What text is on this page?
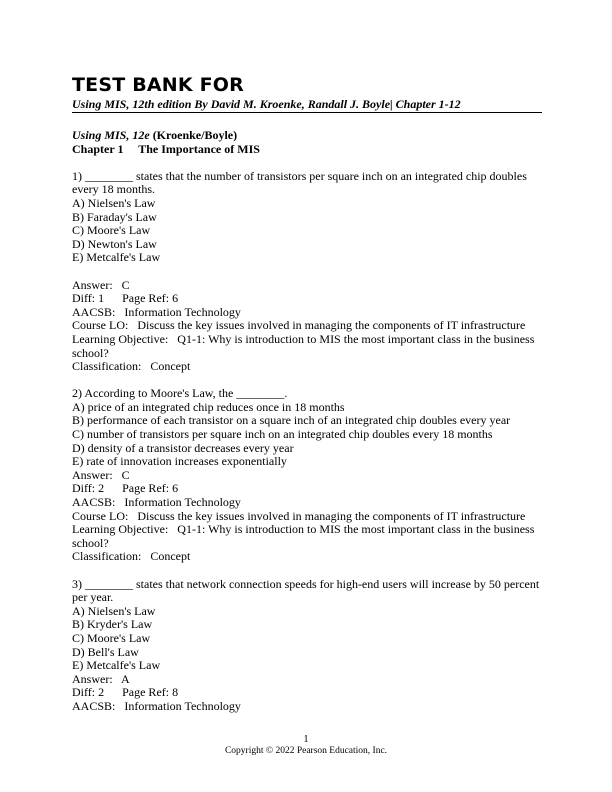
TEST BANK FOR
Using MIS, 12th edition By David M. Kroenke, Randall J. Boyle| Chapter 1-12
Using MIS, 12e (Kroenke/Boyle)
Chapter 1 The Importance of MIS
1) ________ states that the number of transistors per square inch on an integrated chip doubles
every 18 months.
A) Nielsen's Law
B) Faraday's Law
C) Moore's Law
D) Newton's Law
E) Metcalfe's Law
Answer:   C
Diff: 1      Page Ref: 6
AACSB:   Information Technology
Course LO:   Discuss the key issues involved in managing the components of IT infrastructure
Learning Objective:   Q1-1: Why is introduction to MIS the most important class in the business
school?
Classification:   Concept
2) According to Moore's Law, the ________.
A) price of an integrated chip reduces once in 18 months
B) performance of each transistor on a square inch of an integrated chip doubles every year
C) number of transistors per square inch on an integrated chip doubles every 18 months
D) density of a transistor decreases every year
E) rate of innovation increases exponentially
Answer:   C
Diff: 2      Page Ref: 6
AACSB:   Information Technology
Course LO:   Discuss the key issues involved in managing the components of IT infrastructure
Learning Objective:   Q1-1: Why is introduction to MIS the most important class in the business
school?
Classification:   Concept
3) ________ states that network connection speeds for high-end users will increase by 50 percent
per year.
A) Nielsen's Law
B) Kryder's Law
C) Moore's Law
D) Bell's Law
E) Metcalfe's Law
Answer:   A
Diff: 2      Page Ref: 8
AACSB:   Information Technology
1
Copyright © 2022 Pearson Education, Inc.
